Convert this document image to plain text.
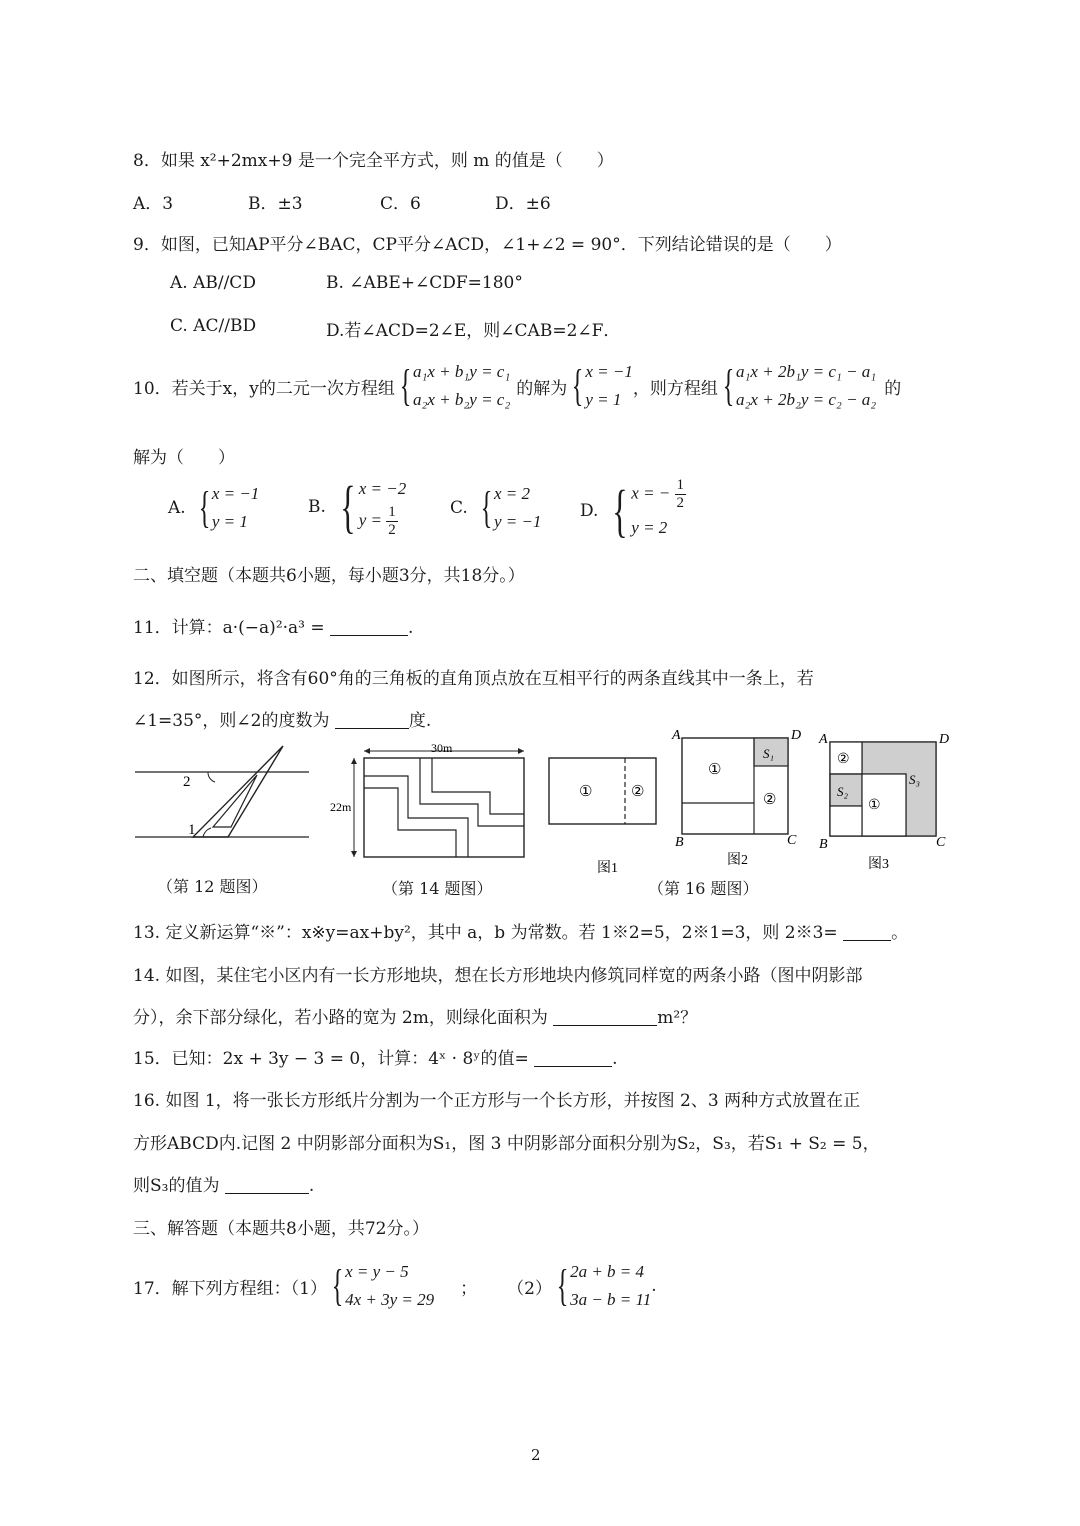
8．如果 x²+2mx+9 是一个完全平方式，则 m 的值是（　　）
A．3	B．±3	C．6	D．±6
9．如图，已知AP平分∠BAC，CP平分∠ACD，∠1+∠2 = 90°．下列结论错误的是（　　）
A. AB//CD	B. ∠ABE+∠CDF=180°
C. AC//BD	D.若∠ACD=2∠E，则∠CAB=2∠F．
10．若关于x，y的二元一次方程组 { a₁x + b₁y = c₁
a₂x + b₂y = c₂
的解为 { x = −1
y = 1
，则方程组 { a₁x + 2b₁y = c₁ − a₁
a₂x + 2b₂y = c₂ − a₂
的
解为（　　）
A. { x = −1
y = 1
B. { x = −2
$y = \frac{1}{2}$	C. { x = 2
y = −1
D. { x = − $\frac{1}{2}$
y = 2
二、填空题（本题共6小题，每小题3分，共18分。）
11．计算：a·(−a)²·a³ =	.
12．如图所示，将含有60°角的三角板的直角顶点放在互相平行的两条直线其中一条上，若
∠1=35°，则∠2的度数为	度.
2
1
（第 12 题图）
30m
22m
（第 14 题图）
①	②
A	D
B	C
①
S₁
②
A	D
B	C
②
S₂
①
S₃
图1
图2	图3
（第 16 题图）
13. 定义新运算“※”：x※y=ax+by²，其中 a，b 为常数。若 1※2=5，2※1=3，则 2※3=	。
14. 如图，某住宅小区内有一长方形地块，想在长方形地块内修筑同样宽的两条小路（图中阴影部
分），余下部分绿化，若小路的宽为 2m，则绿化面积为	m²？
15．已知：2x + 3y − 3 = 0，计算：4ˣ · 8ʸ的值=	.
16. 如图 1，将一张长方形纸片分割为一个正方形与一个长方形，并按图 2、3 两种方式放置在正
方形ABCD内.记图 2 中阴影部分面积为S₁，图 3 中阴影部分面积分别为S₂，S₃，若S₁ + S₂ = 5，
则S₃的值为	.
三、解答题（本题共8小题，共72分。）
17．解下列方程组：（1） { x = y − 5
4x + 3y = 29
； （2） { 2a + b = 4
3a − b = 11
.
2
